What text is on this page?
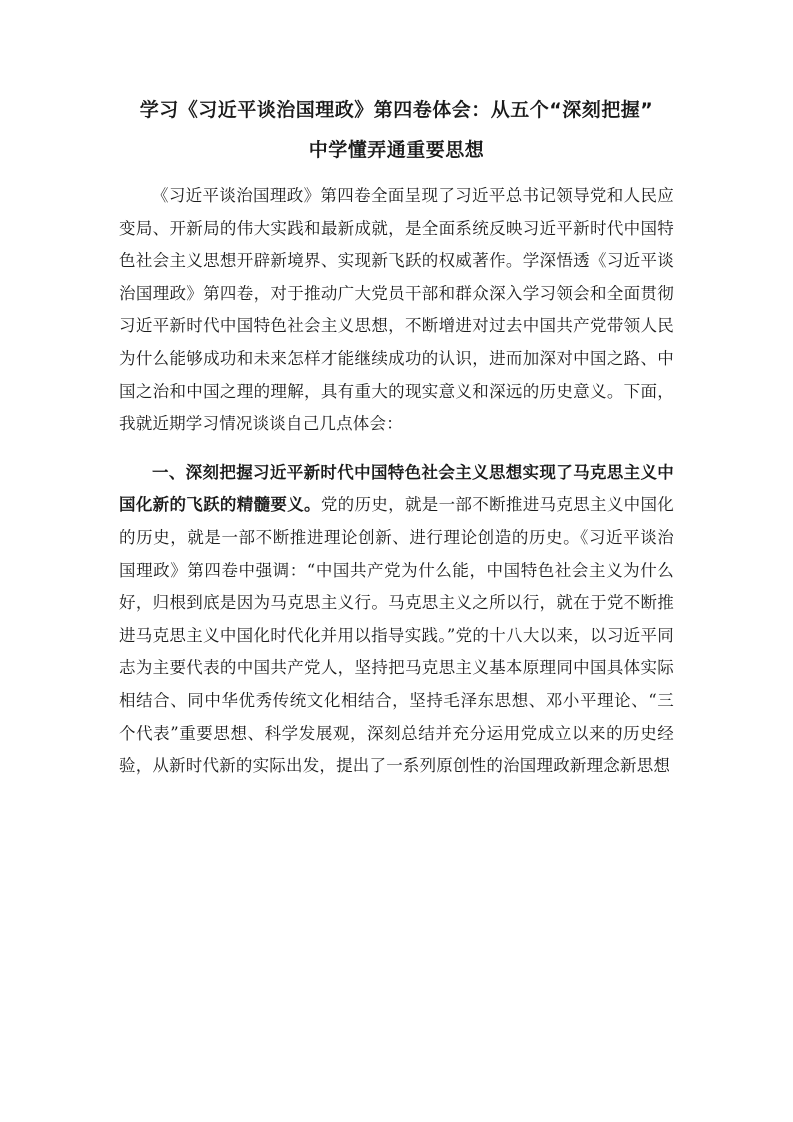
学习《习近平谈治国理政》第四卷体会：从五个“深刻把握”
中学懂弄通重要思想

《习近平谈治国理政》第四卷全面呈现了习近平总书记领导党和人民应变局、开新局的伟大实践和最新成就，是全面系统反映习近平新时代中国特色社会主义思想开辟新境界、实现新飞跃的权威著作。学深悟透《习近平谈治国理政》第四卷，对于推动广大党员干部和群众深入学习领会和全面贯彻习近平新时代中国特色社会主义思想，不断增进对过去中国共产党带领人民为什么能够成功和未来怎样才能继续成功的认识，进而加深对中国之路、中国之治和中国之理的理解，具有重大的现实意义和深远的历史意义。下面，我就近期学习情况谈谈自己几点体会：

一、深刻把握习近平新时代中国特色社会主义思想实现了马克思主义中国化新的飞跃的精髓要义。党的历史，就是一部不断推进马克思主义中国化的历史，就是一部不断推进理论创新、进行理论创造的历史。《习近平谈治国理政》第四卷中强调：“中国共产党为什么能，中国特色社会主义为什么好，归根到底是因为马克思主义行。马克思主义之所以行，就在于党不断推进马克思主义中国化时代化并用以指导实践。”党的十八大以来，以习近平同志为主要代表的中国共产党人，坚持把马克思主义基本原理同中国具体实际相结合、同中华优秀传统文化相结合，坚持毛泽东思想、邓小平理论、“三个代表”重要思想、科学发展观，深刻总结并充分运用党成立以来的历史经验，从新时代新的实际出发，提出了一系列原创性的治国理政新理念新思想
